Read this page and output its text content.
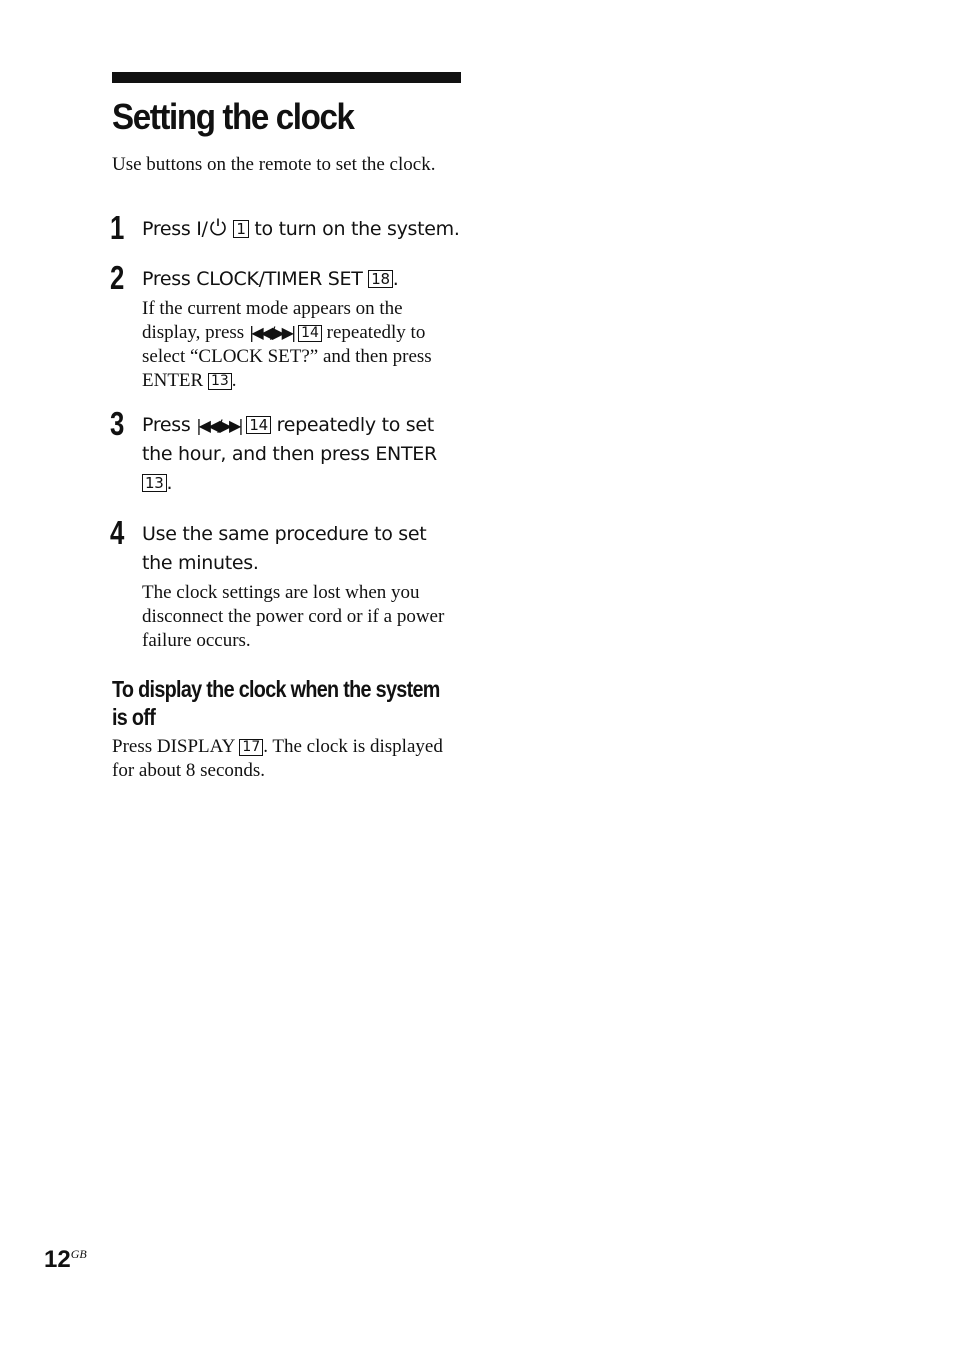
Setting the clock
Use buttons on the remote to set the clock.
1 Press I/ 1 to turn on the system.
2 Press CLOCK/TIMER SET 18 .
If the current mode appears on the display, press |◀◀/▶▶| 14 repeatedly to select “CLOCK SET?” and then press ENTER 13 .
3 Press |◀◀/▶▶| 14 repeatedly to set the hour, and then press ENTER 13 .
4 Use the same procedure to set the minutes.
The clock settings are lost when you disconnect the power cord or if a power failure occurs.
To display the clock when the system is off
Press DISPLAY 17 . The clock is displayed for about 8 seconds.
$12^{GB}$
